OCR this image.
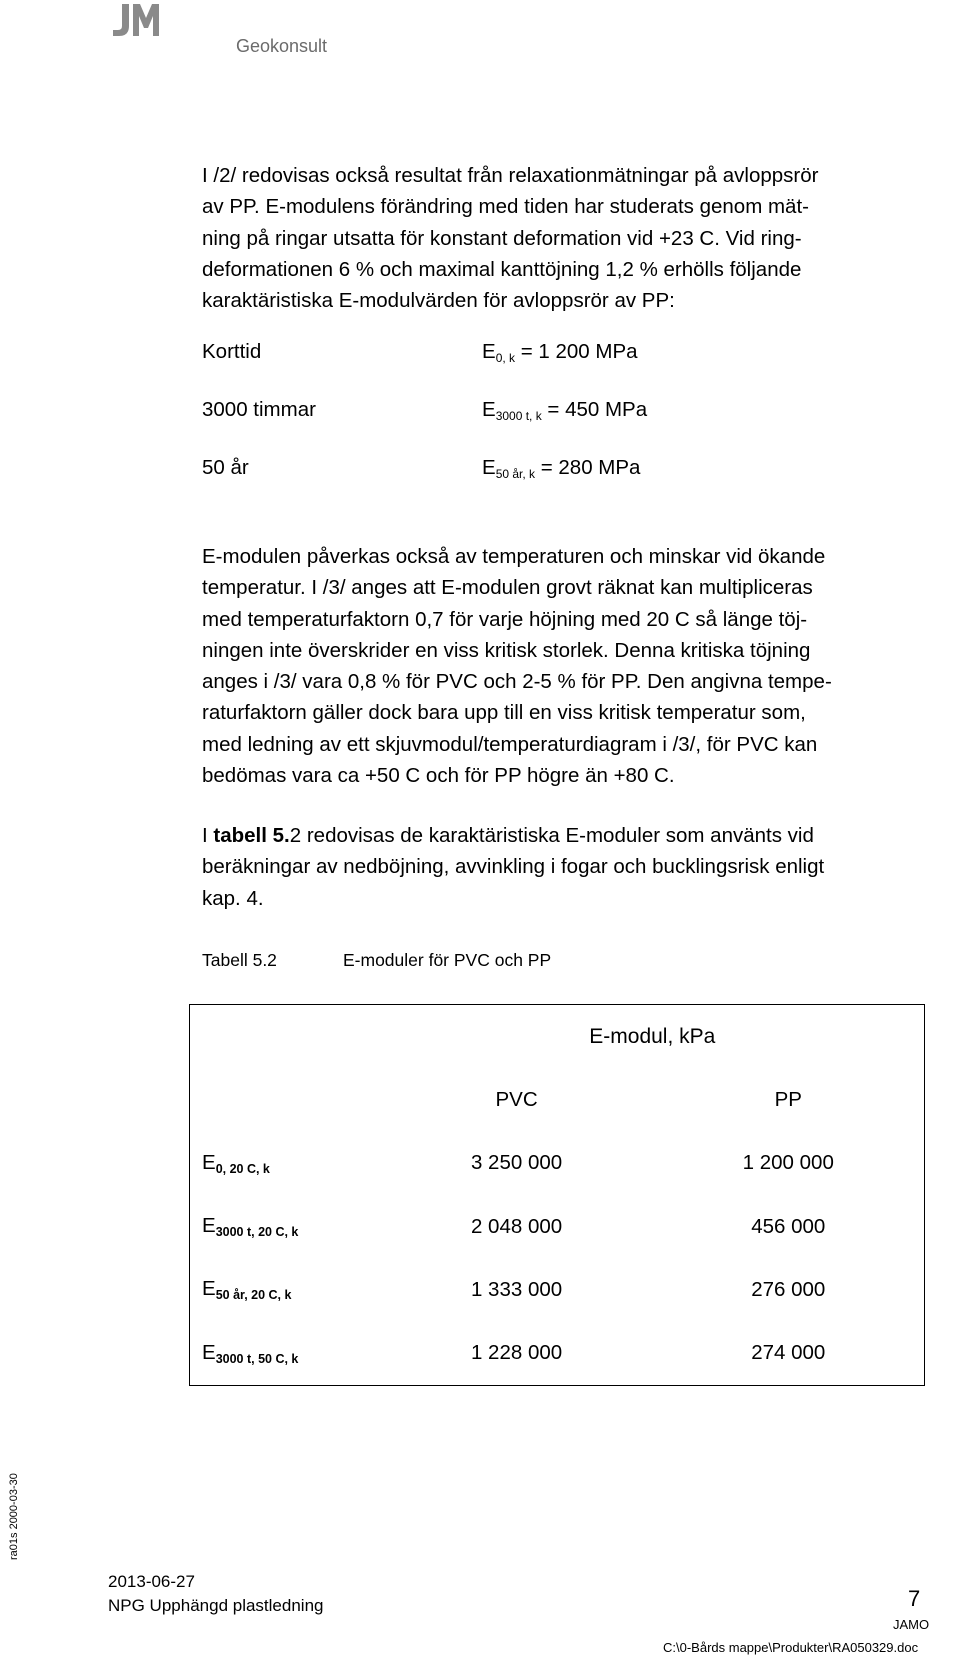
Geokonsult

I /2/ redovisas också resultat från relaxationmätningar på avloppsrör
av PP. E-modulens förändring med tiden har studerats genom mät-
ning på ringar utsatta för konstant deformation vid +23 C. Vid ring-
deformationen 6 % och maximal kanttöjning 1,2 % erhölls följande
karaktäristiska E-modulvärden för avloppsrör av PP:

Korttid	$E_{0, k} = 1$ 200 MPa
3000 timmar	$E_{3000 t, k} = 450$ MPa
50 år	$E_{50 år, k} = 280$ MPa

E-modulen påverkas också av temperaturen och minskar vid ökande
temperatur. I /3/ anges att E-modulen grovt räknat kan multipliceras
med temperaturfaktorn 0,7 för varje höjning med 20 C så länge töj-
ningen inte överskrider en viss kritisk storlek. Denna kritiska töjning
anges i /3/ vara 0,8 % för PVC och 2-5 % för PP. Den angivna tempe-
raturfaktorn gäller dock bara upp till en viss kritisk temperatur som,
med ledning av ett skjuvmodul/temperaturdiagram i /3/, för PVC kan
bedömas vara ca +50 C och för PP högre än +80 C.

I tabell 5.2 redovisas de karaktäristiska E-moduler som använts vid
beräkningar av nedböjning, avvinkling i fogar och bucklingsrisk enligt
kap. 4.

Tabell 5.2	E-moduler för PVC och PP
	E-modul, kPa	
	PVC	PP
$E_{0, 20 C, k}$	3 250 000	1 200 000
$E_{3000 t, 20 C, k}$	2 048 000	456 000
$E_{50 år, 20 C, k}$	1 333 000	276 000
$E_{3000 t, 50 C, k}$	1 228 000	274 000
ra01s 2000-03-30
2013-06-27
NPG Upphängd plastledning	7
JAMO
C:\0-Bårds mappe\Produkter\RA050329.doc
